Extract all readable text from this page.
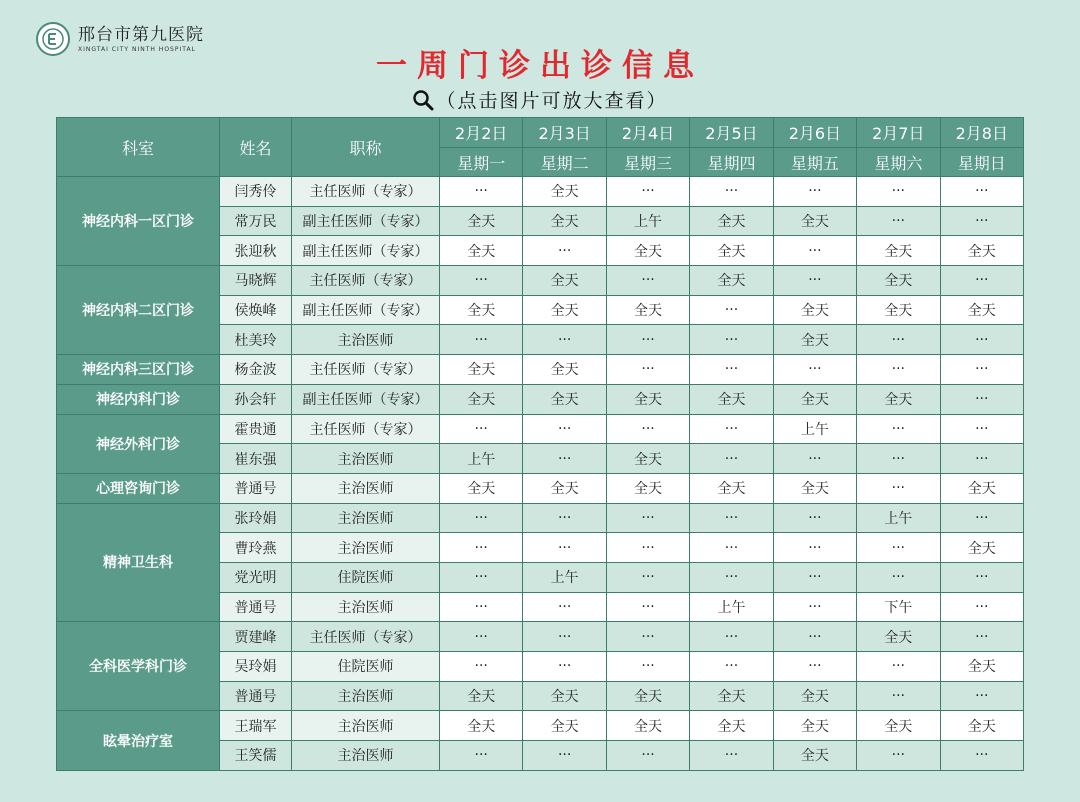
邢台市第九医院
XINGTAI CITY NINTH HOSPITAL	一周门诊出诊信息
（点击图片可放大查看）
科室	姓名	职称	2月2日	2月3日	2月4日	2月5日	2月6日	2月7日	2月8日
			星期一	星期二	星期三	星期四	星期五	星期六	星期日
神经内科一区门诊	闫秀伶	主任医师（专家）	···	全天	···	···	···	···	···
	常万民	副主任医师（专家）	全天	全天	上午	全天	全天	···	···
	张迎秋	副主任医师（专家）	全天	···	全天	全天	···	全天	全天
神经内科二区门诊	马晓辉	主任医师（专家）	···	全天	···	全天	···	全天	···
	侯焕峰	副主任医师（专家）	全天	全天	全天	···	全天	全天	全天
	杜美玲	主治医师	···	···	···	···	全天	···	···
神经内科三区门诊	杨金波	主任医师（专家）	全天	全天	···	···	···	···	···
神经内科门诊	孙会轩	副主任医师（专家）	全天	全天	全天	全天	全天	全天	···
神经外科门诊	霍贵通	主任医师（专家）	···	···	···	···	上午	···	···
	崔东强	主治医师	上午	···	全天	···	···	···	···
心理咨询门诊	普通号	主治医师	全天	全天	全天	全天	全天	···	全天
精神卫生科	张玲娟	主治医师	···	···	···	···	···	上午	···
	曹玲燕	主治医师	···	···	···	···	···	···	全天
	党光明	住院医师	···	上午	···	···	···	···	···
	普通号	主治医师	···	···	···	上午	···	下午	···
全科医学科门诊	贾建峰	主任医师（专家）	···	···	···	···	···	全天	···
	吴玲娟	住院医师	···	···	···	···	···	···	全天
	普通号	主治医师	全天	全天	全天	全天	全天	···	···
眩晕治疗室	王瑞军	主治医师	全天	全天	全天	全天	全天	全天	全天
	王笑儒	主治医师	···	···	···	···	全天	···	···
